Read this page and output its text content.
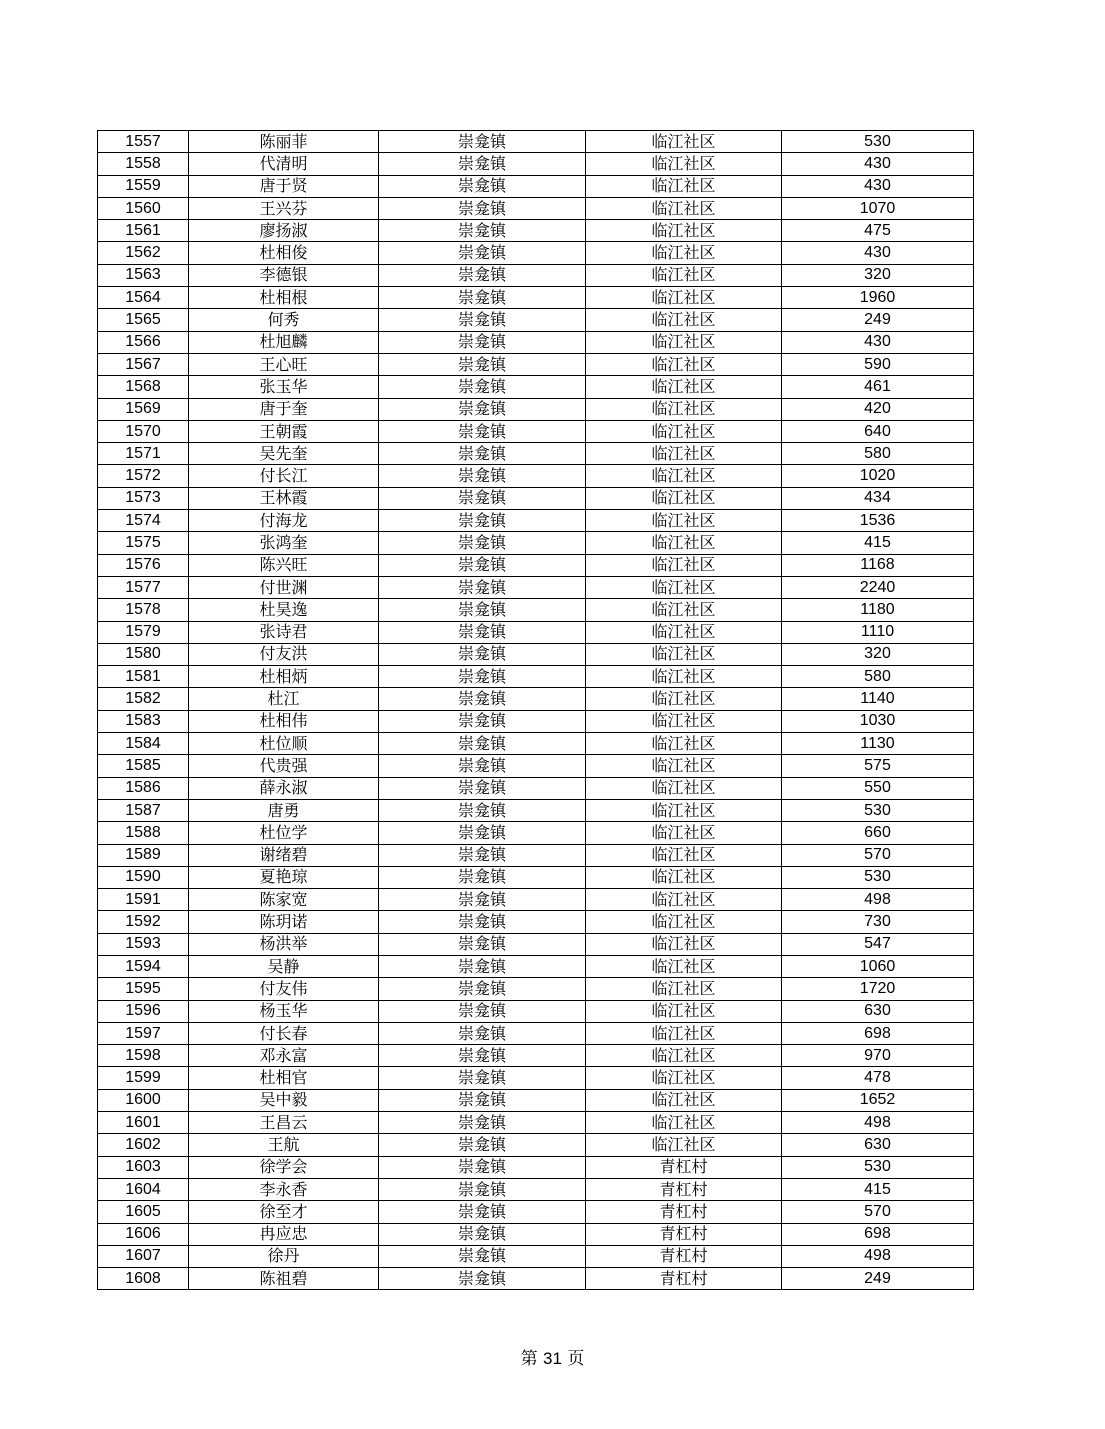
1557	陈丽菲	崇龛镇	临江社区	530
1558	代清明	崇龛镇	临江社区	430
1559	唐于贤	崇龛镇	临江社区	430
1560	王兴芬	崇龛镇	临江社区	1070
1561	廖扬淑	崇龛镇	临江社区	475
1562	杜相俊	崇龛镇	临江社区	430
1563	李德银	崇龛镇	临江社区	320
1564	杜相根	崇龛镇	临江社区	1960
1565	何秀	崇龛镇	临江社区	249
1566	杜旭麟	崇龛镇	临江社区	430
1567	王心旺	崇龛镇	临江社区	590
1568	张玉华	崇龛镇	临江社区	461
1569	唐于奎	崇龛镇	临江社区	420
1570	王朝霞	崇龛镇	临江社区	640
1571	吴先奎	崇龛镇	临江社区	580
1572	付长江	崇龛镇	临江社区	1020
1573	王林霞	崇龛镇	临江社区	434
1574	付海龙	崇龛镇	临江社区	1536
1575	张鸿奎	崇龛镇	临江社区	415
1576	陈兴旺	崇龛镇	临江社区	1168
1577	付世渊	崇龛镇	临江社区	2240
1578	杜昊逸	崇龛镇	临江社区	1180
1579	张诗君	崇龛镇	临江社区	1110
1580	付友洪	崇龛镇	临江社区	320
1581	杜相炳	崇龛镇	临江社区	580
1582	杜江	崇龛镇	临江社区	1140
1583	杜相伟	崇龛镇	临江社区	1030
1584	杜位顺	崇龛镇	临江社区	1130
1585	代贵强	崇龛镇	临江社区	575
1586	薛永淑	崇龛镇	临江社区	550
1587	唐勇	崇龛镇	临江社区	530
1588	杜位学	崇龛镇	临江社区	660
1589	谢绪碧	崇龛镇	临江社区	570
1590	夏艳琼	崇龛镇	临江社区	530
1591	陈家宽	崇龛镇	临江社区	498
1592	陈玥诺	崇龛镇	临江社区	730
1593	杨洪举	崇龛镇	临江社区	547
1594	吴静	崇龛镇	临江社区	1060
1595	付友伟	崇龛镇	临江社区	1720
1596	杨玉华	崇龛镇	临江社区	630
1597	付长春	崇龛镇	临江社区	698
1598	邓永富	崇龛镇	临江社区	970
1599	杜相官	崇龛镇	临江社区	478
1600	吴中毅	崇龛镇	临江社区	1652
1601	王昌云	崇龛镇	临江社区	498
1602	王航	崇龛镇	临江社区	630
1603	徐学会	崇龛镇	青杠村	530
1604	李永香	崇龛镇	青杠村	415
1605	徐至才	崇龛镇	青杠村	570
1606	冉应忠	崇龛镇	青杠村	698
1607	徐丹	崇龛镇	青杠村	498
1608	陈祖碧	崇龛镇	青杠村	249
第 31 页
